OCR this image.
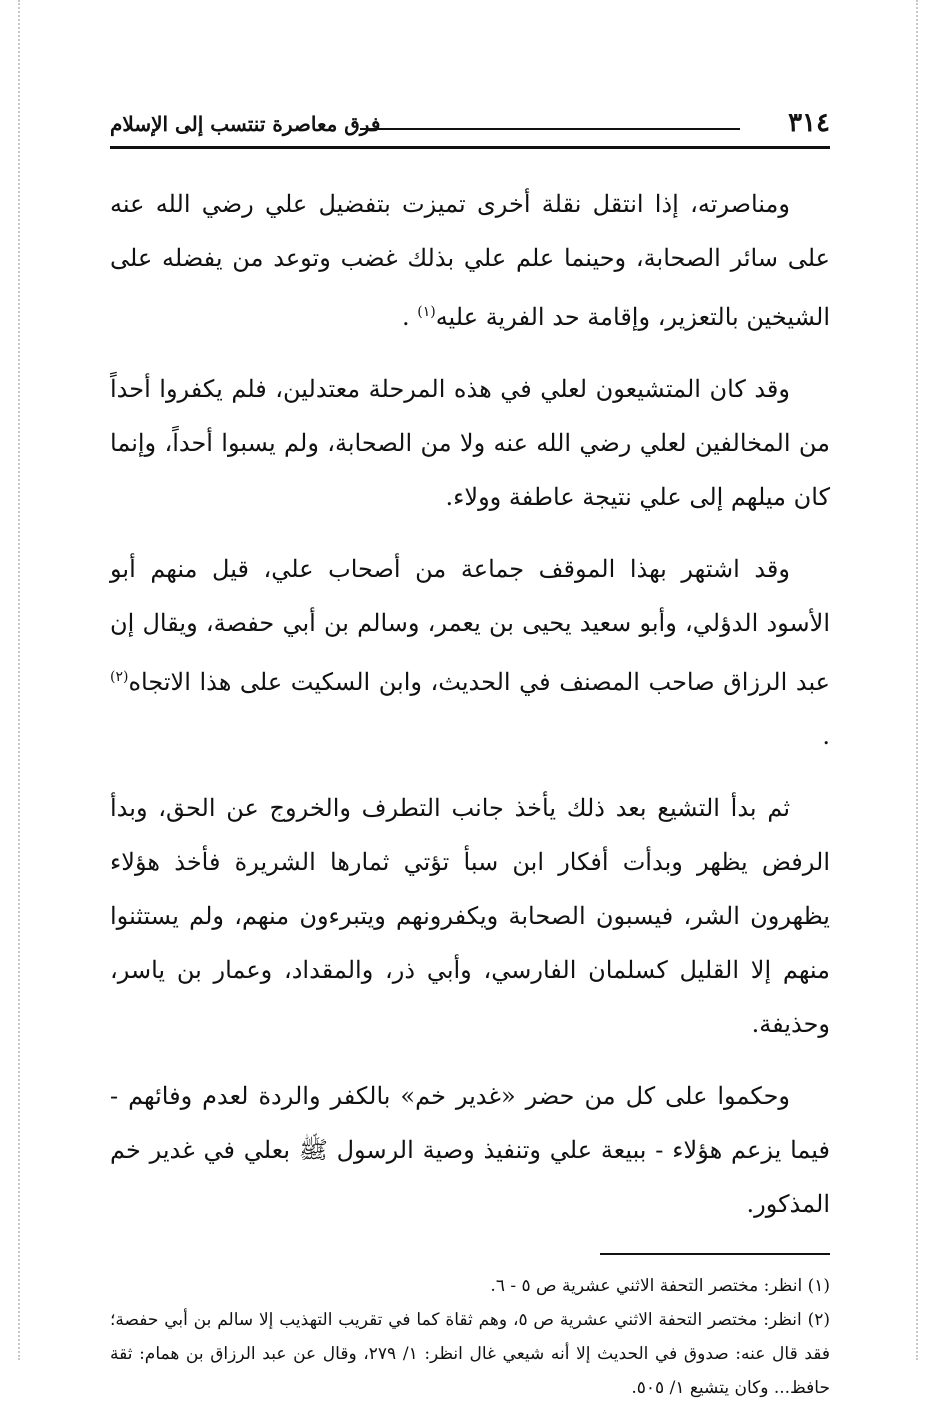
٣١٤
فرق معاصرة تنتسب إلى الإسلام

ومناصرته، إذا انتقل نقلة أخرى تميزت بتفضيل علي رضي الله عنه على سائر الصحابة، وحينما علم علي بذلك غضب وتوعد من يفضله على الشيخين بالتعزير، وإقامة حد الفرية عليه$^{(١)}$ .

وقد كان المتشيعون لعلي في هذه المرحلة معتدلين، فلم يكفروا أحداً من المخالفين لعلي رضي الله عنه ولا من الصحابة، ولم يسبوا أحداً، وإنما كان ميلهم إلى علي نتيجة عاطفة وولاء.

وقد اشتهر بهذا الموقف جماعة من أصحاب علي، قيل منهم أبو الأسود الدؤلي، وأبو سعيد يحيى بن يعمر، وسالم بن أبي حفصة، ويقال إن عبد الرزاق صاحب المصنف في الحديث، وابن السكيت على هذا الاتجاه$^{(٢)}$ .

ثم بدأ التشيع بعد ذلك يأخذ جانب التطرف والخروج عن الحق، وبدأ الرفض يظهر وبدأت أفكار ابن سبأ تؤتي ثمارها الشريرة فأخذ هؤلاء يظهرون الشر، فيسبون الصحابة ويكفرونهم ويتبرءون منهم، ولم يستثنوا منهم إلا القليل كسلمان الفارسي، وأبي ذر، والمقداد، وعمار بن ياسر، وحذيفة.

وحكموا على كل من حضر «غدير خم» بالكفر والردة لعدم وفائهم - فيما يزعم هؤلاء - ببيعة علي وتنفيذ وصية الرسول ﷺ بعلي في غدير خم المذكور.

(١) انظر: مختصر التحفة الاثني عشرية ص ٥ - ٦.

(٢) انظر: مختصر التحفة الاثني عشرية ص ٥، وهم ثقاة كما في تقريب التهذيب إلا سالم بن أبي حفصة؛ فقد قال عنه: صدوق في الحديث إلا أنه شيعي غال انظر: ١/ ٢٧٩، وقال عن عبد الرزاق بن همام: ثقة حافظ... وكان يتشيع ١/ ٥٠٥.
